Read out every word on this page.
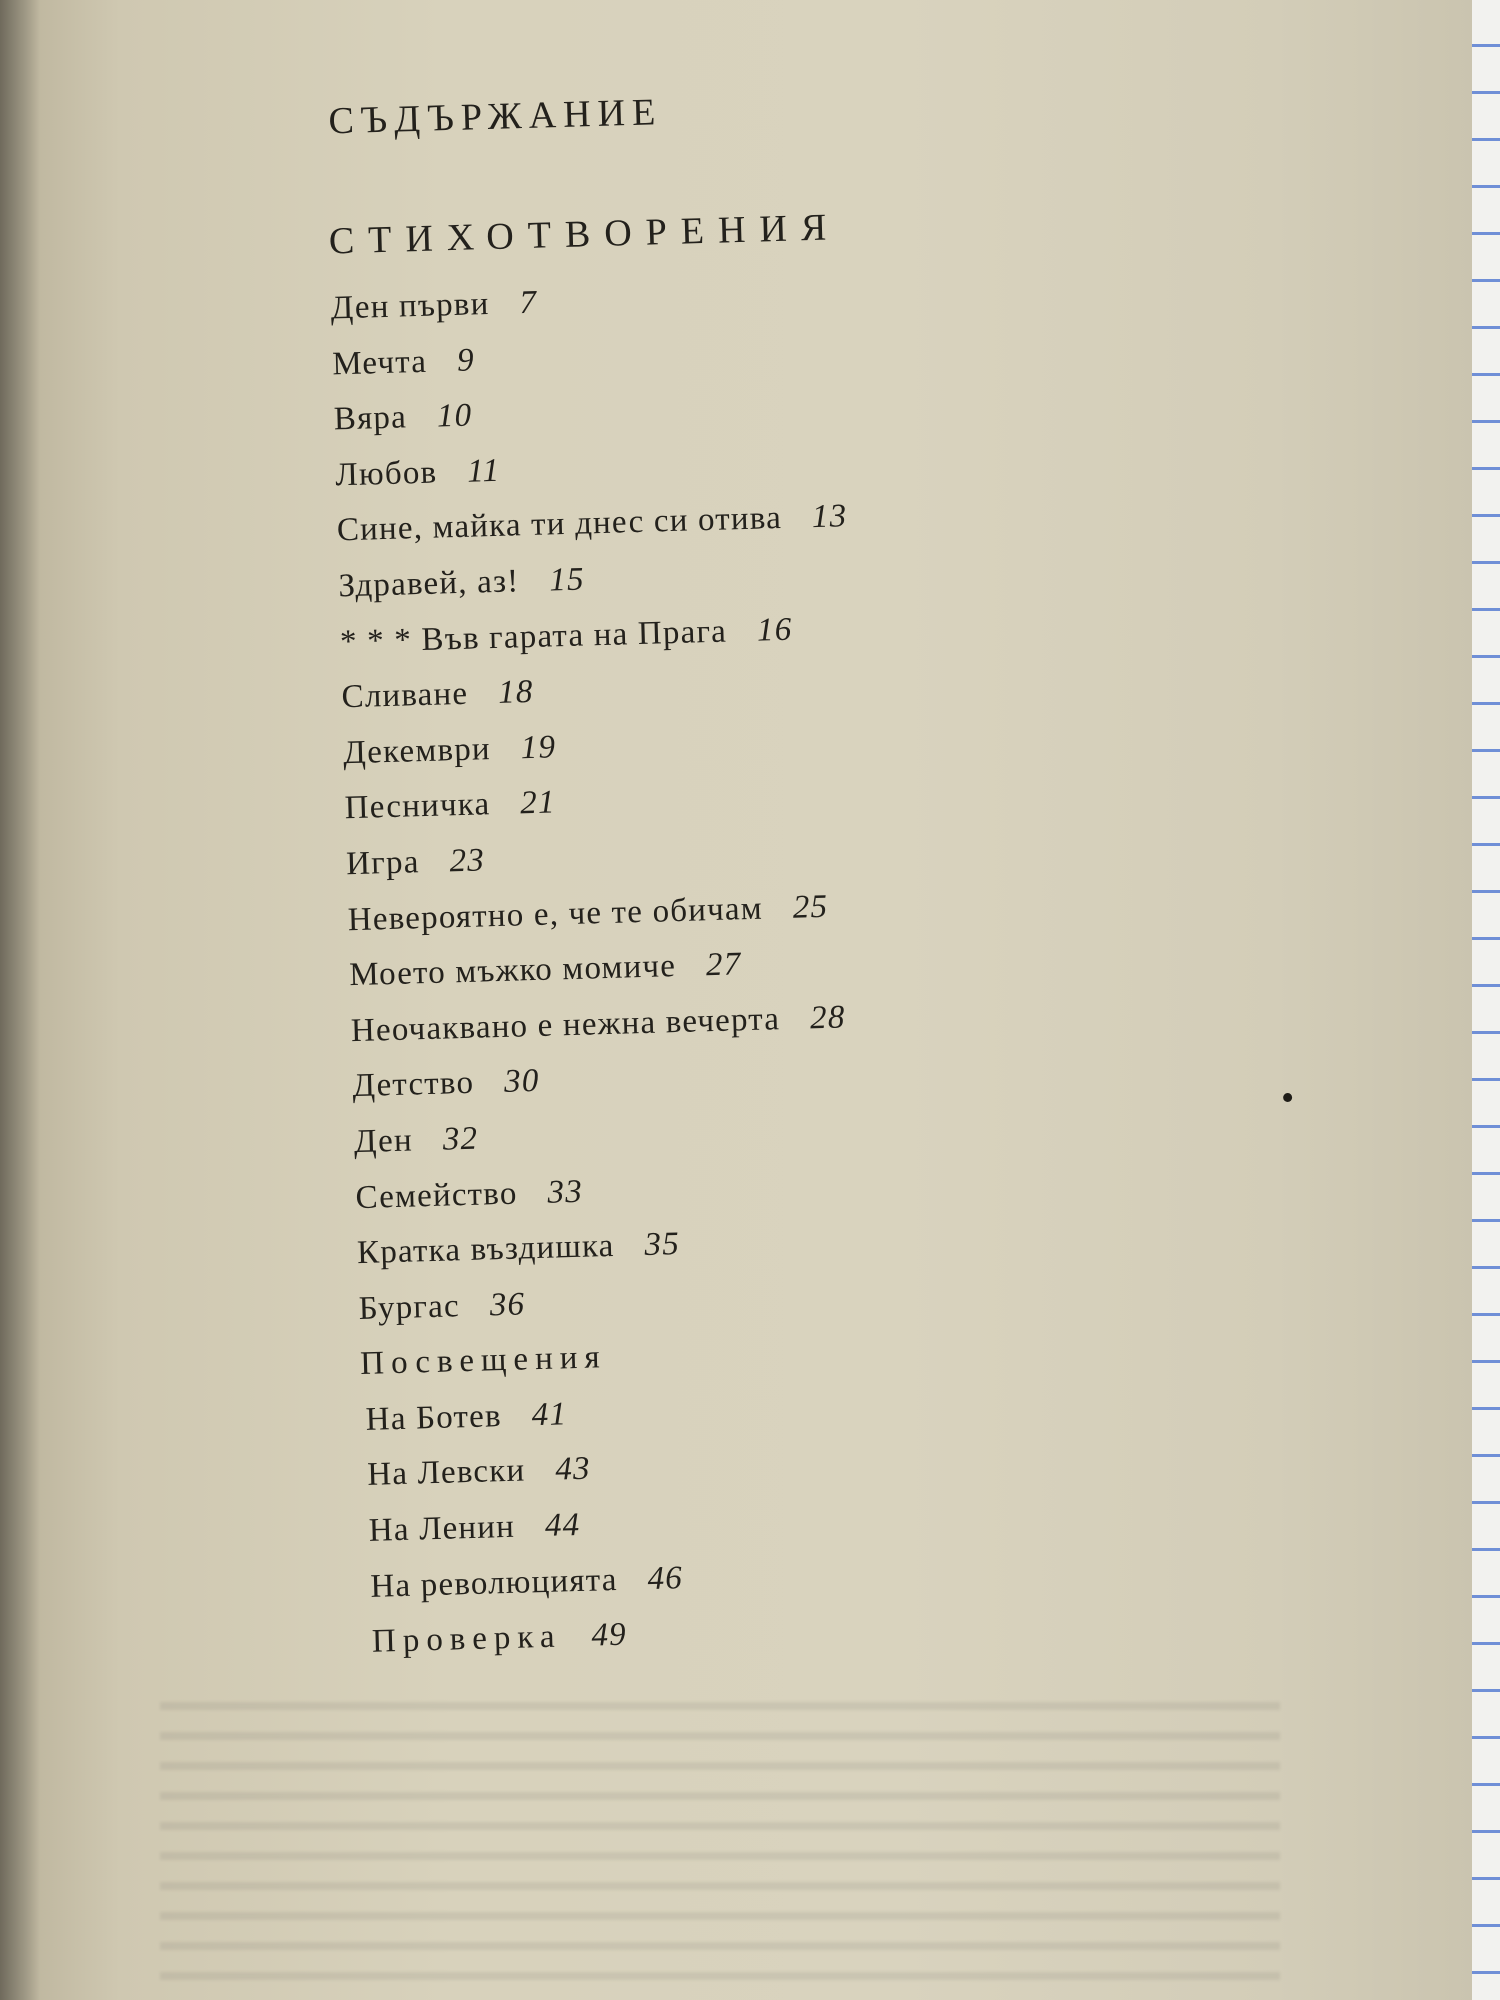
СЪДЪРЖАНИЕ
СТИХОТВОРЕНИЯ
Ден първи 7
Мечта 9
Вяра 10
Любов 11
Сине, майка ти днес си отива 13
Здравей, аз! 15
* * * Във гарата на Прага 16
Сливане 18
Декември 19
Песничка 21
Игра 23
Невероятно е, че те обичам 25
Моето мъжко момиче 27
Неочаквано е нежна вечерта 28
Детство 30
Ден 32
Семейство 33
Кратка въздишка 35
Бургас 36
Посвещения
На Ботев 41
На Левски 43
На Ленин 44
На революцията 46
Проверка 49
